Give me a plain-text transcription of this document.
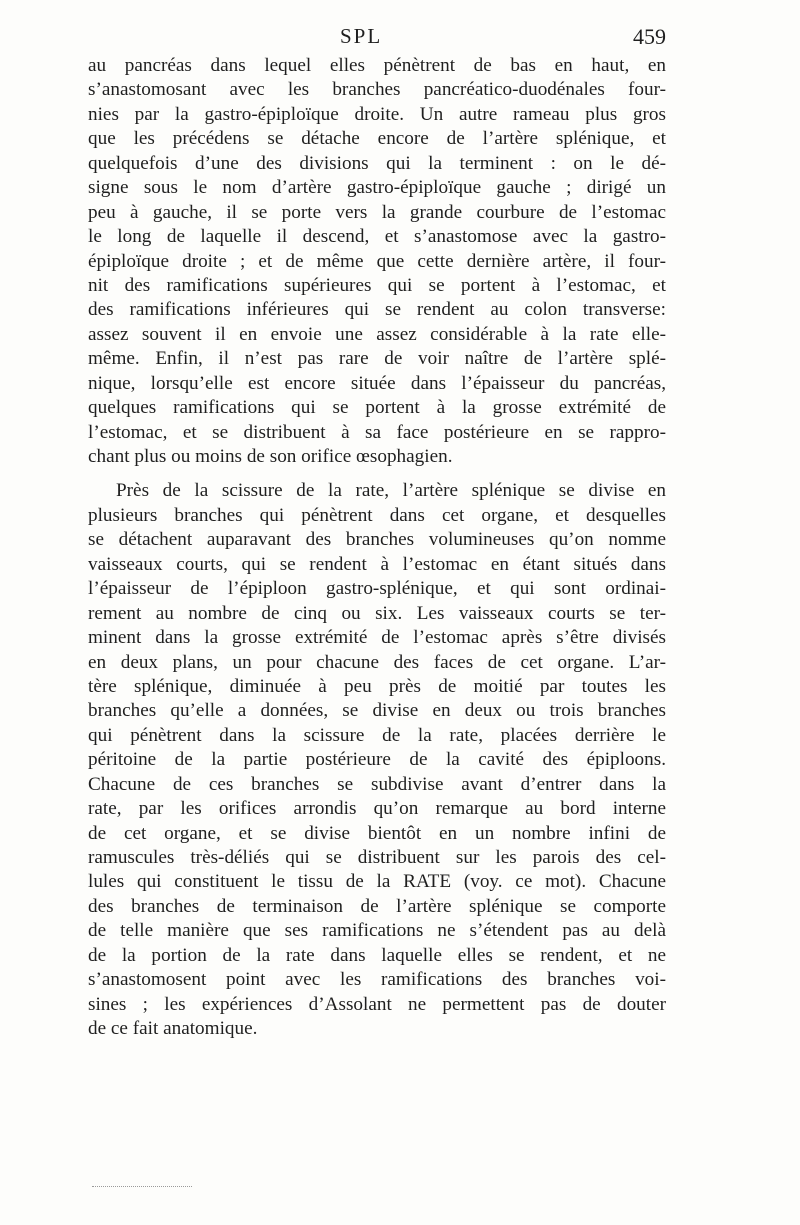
SPL	459
au pancréas dans lequel elles pénètrent de bas en haut, en
s’anastomosant avec les branches pancréatico-duodénales four-
nies par la gastro-épiploïque droite. Un autre rameau plus gros
que les précédens se détache encore de l’artère splénique, et
quelquefois d’une des divisions qui la terminent : on le dé-
signe sous le nom d’artère gastro-épiploïque gauche ; dirigé un
peu à gauche, il se porte vers la grande courbure de l’estomac
le long de laquelle il descend, et s’anastomose avec la gastro-
épiploïque droite ; et de même que cette dernière artère, il four-
nit des ramifications supérieures qui se portent à l’estomac, et
des ramifications inférieures qui se rendent au colon transverse:
assez souvent il en envoie une assez considérable à la rate elle-
même. Enfin, il n’est pas rare de voir naître de l’artère splé-
nique, lorsqu’elle est encore située dans l’épaisseur du pancréas,
quelques ramifications qui se portent à la grosse extrémité de
l’estomac, et se distribuent à sa face postérieure en se rappro-
chant plus ou moins de son orifice œsophagien.
Près de la scissure de la rate, l’artère splénique se divise en
plusieurs branches qui pénètrent dans cet organe, et desquelles
se détachent auparavant des branches volumineuses qu’on nomme
vaisseaux courts, qui se rendent à l’estomac en étant situés dans
l’épaisseur de l’épiploon gastro-splénique, et qui sont ordinai-
rement au nombre de cinq ou six. Les vaisseaux courts se ter-
minent dans la grosse extrémité de l’estomac après s’être divisés
en deux plans, un pour chacune des faces de cet organe. L’ar-
tère splénique, diminuée à peu près de moitié par toutes les
branches qu’elle a données, se divise en deux ou trois branches
qui pénètrent dans la scissure de la rate, placées derrière le
péritoine de la partie postérieure de la cavité des épiploons.
Chacune de ces branches se subdivise avant d’entrer dans la
rate, par les orifices arrondis qu’on remarque au bord interne
de cet organe, et se divise bientôt en un nombre infini de
ramuscules très-déliés qui se distribuent sur les parois des cel-
lules qui constituent le tissu de la RATE (voy. ce mot). Chacune
des branches de terminaison de l’artère splénique se comporte
de telle manière que ses ramifications ne s’étendent pas au delà
de la portion de la rate dans laquelle elles se rendent, et ne
s’anastomosent point avec les ramifications des branches voi-
sines ; les expériences d’Assolant ne permettent pas de douter
de ce fait anatomique.
